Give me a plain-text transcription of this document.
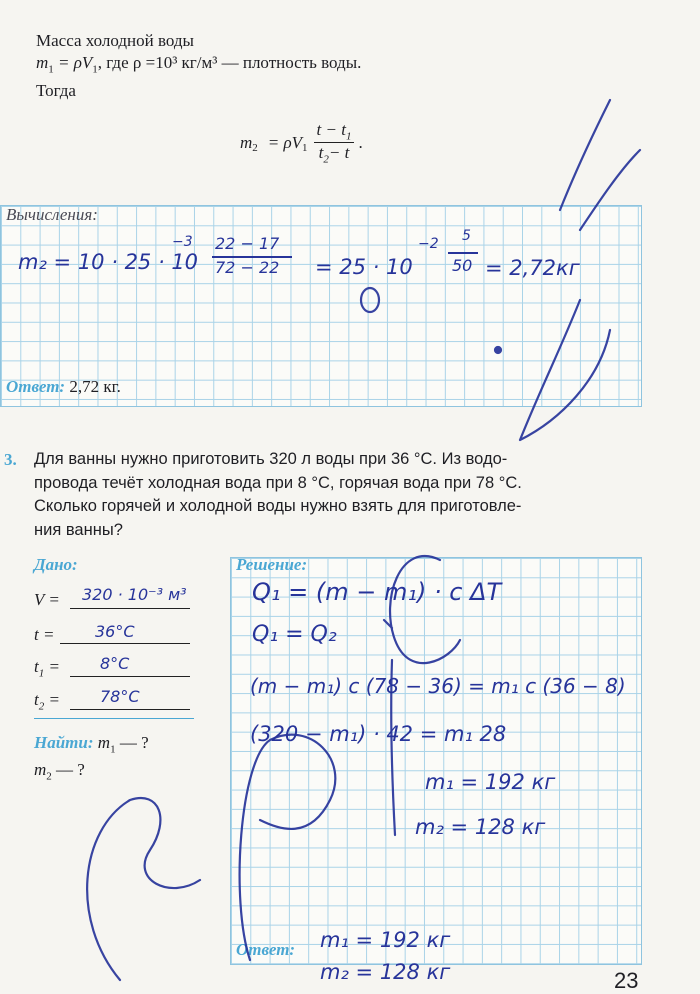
Масса холодной воды
$m_1 = \rho V_1$, где ρ =10³ кг/м³ — плотность воды.
Тогда
$m_2 = \rho V_1$
$t - t_1$
$t_2- t$
.
Вычисления:
m₂ = 10 · 25 · 10
−3 22 − 17
72 − 22 = 25 · 10
−2 5
50 = 2,72кг
Ответ: 2,72 кг.
3. Для ванны нужно приготовить 320 л воды при 36 °С. Из водо-
провода течёт холодная вода при 8 °С, горячая вода при 78 °С.
Сколько горячей и холодной воды нужно взять для приготовле-
ния ванны?
Дано:
V = 320 · 10⁻³ м³
t =	36°C
$t_1$ =	8°C
$t_2$ =	78°C
Найти: $m_1$ — ?
$m_2$ — ?
Решение:
Q₁ = (m − m₁) · c ΔT
Q₁ = Q₂
(m − m₁) c (78 − 36) = m₁ c (36 − 8)
(320 − m₁) · 42 = m₁ 28
m₁ = 192 кг
m₂ = 128 кг
Ответ: m₁ = 192 кг
m₂ = 128 кг	23
